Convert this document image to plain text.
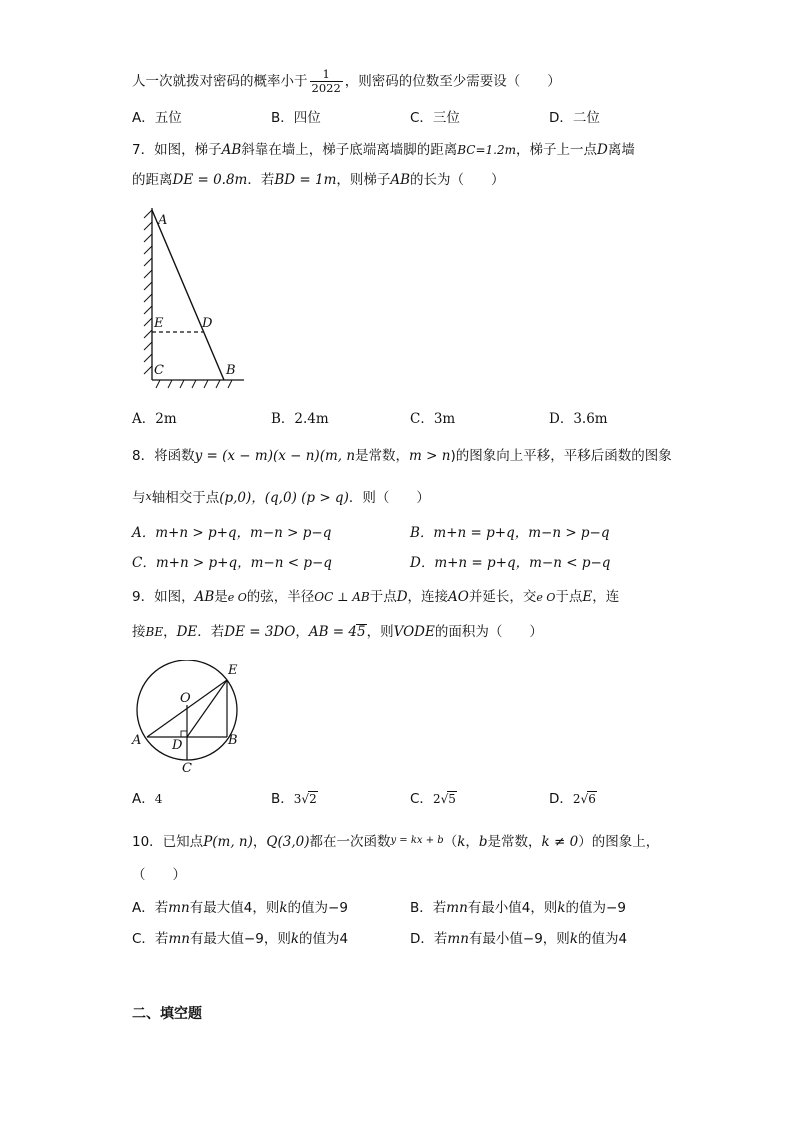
人一次就拨对密码的概率小于 $\frac{1}{2022}$ ，则密码的位数至少需要设（　　）
A．五位	B．四位	C．三位	D．二位
7．如图，梯子AB斜靠在墙上，梯子底端离墙脚的距离BC=1.2m，梯子上一点D离墙
的距离DE = 0.8m．若BD = 1m，则梯子AB的长为（　　）
A
E	D
C	B
A．2m	B．2.4m	C．3m	D．3.6m
8．将函数y = (x − m)(x − n)(m, n是常数，m > n)的图象向上平移，平移后函数的图象
与x轴相交于点(p,0)，(q,0) (p > q)．则（　　）
A．m+n > p+q，m−n > p−q	B．m+n = p+q，m−n > p−q
C．m+n > p+q，m−n < p−q	D．m+n = p+q，m−n < p−q
9．如图，AB是e O的弦，半径OC ⊥ AB于点D，连接AO并延长，交e O于点E，连
接BE，DE．若DE = 3DO，AB = 45，则VODE的面积为（　　）
E
O
A D	B
C
A．4	B．3√2	C．2√5	D．2√6
10．已知点P(m, n)，Q(3,0)都在一次函数$^{y = kx + b}$（k，b是常数，k ≠ 0）的图象上，
（　　）
A．若mn有最大值4，则k的值为−9	B．若mn有最小值4，则k的值为−9
C．若mn有最大值−9，则k的值为4	D．若mn有最小值−9，则k的值为4
二、填空题
